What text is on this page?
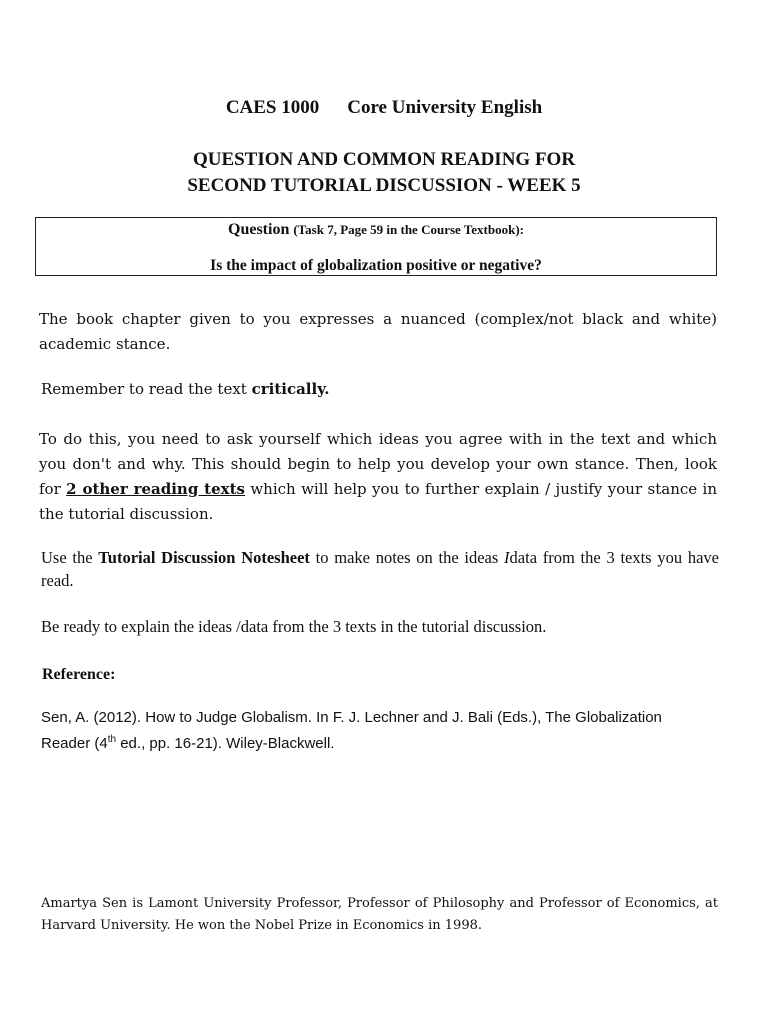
CAES 1000 Core University English
QUESTION AND COMMON READING FOR
SECOND TUTORIAL DISCUSSION - WEEK 5
Question (Task 7, Page 59 in the Course Textbook):
Is the impact of globalization positive or negative?
The book chapter given to you expresses a nuanced (complex/not black and white) academic stance.
Remember to read the text critically.
To do this, you need to ask yourself which ideas you agree with in the text and which you don't and why. This should begin to help you develop your own stance. Then, look for 2 other reading texts which will help you to further explain / justify your stance in the tutorial discussion.
Use the Tutorial Discussion Notesheet to make notes on the ideas Idata from the 3 texts you have read.
Be ready to explain the ideas /data from the 3 texts in the tutorial discussion.
Reference:
Sen, A. (2012). How to Judge Globalism. In F. J. Lechner and J. Bali (Eds.), The Globalization Reader (4th ed., pp. 16-21). Wiley-Blackwell.
Amartya Sen is Lamont University Professor, Professor of Philosophy and Professor of Economics, at Harvard University. He won the Nobel Prize in Economics in 1998.
